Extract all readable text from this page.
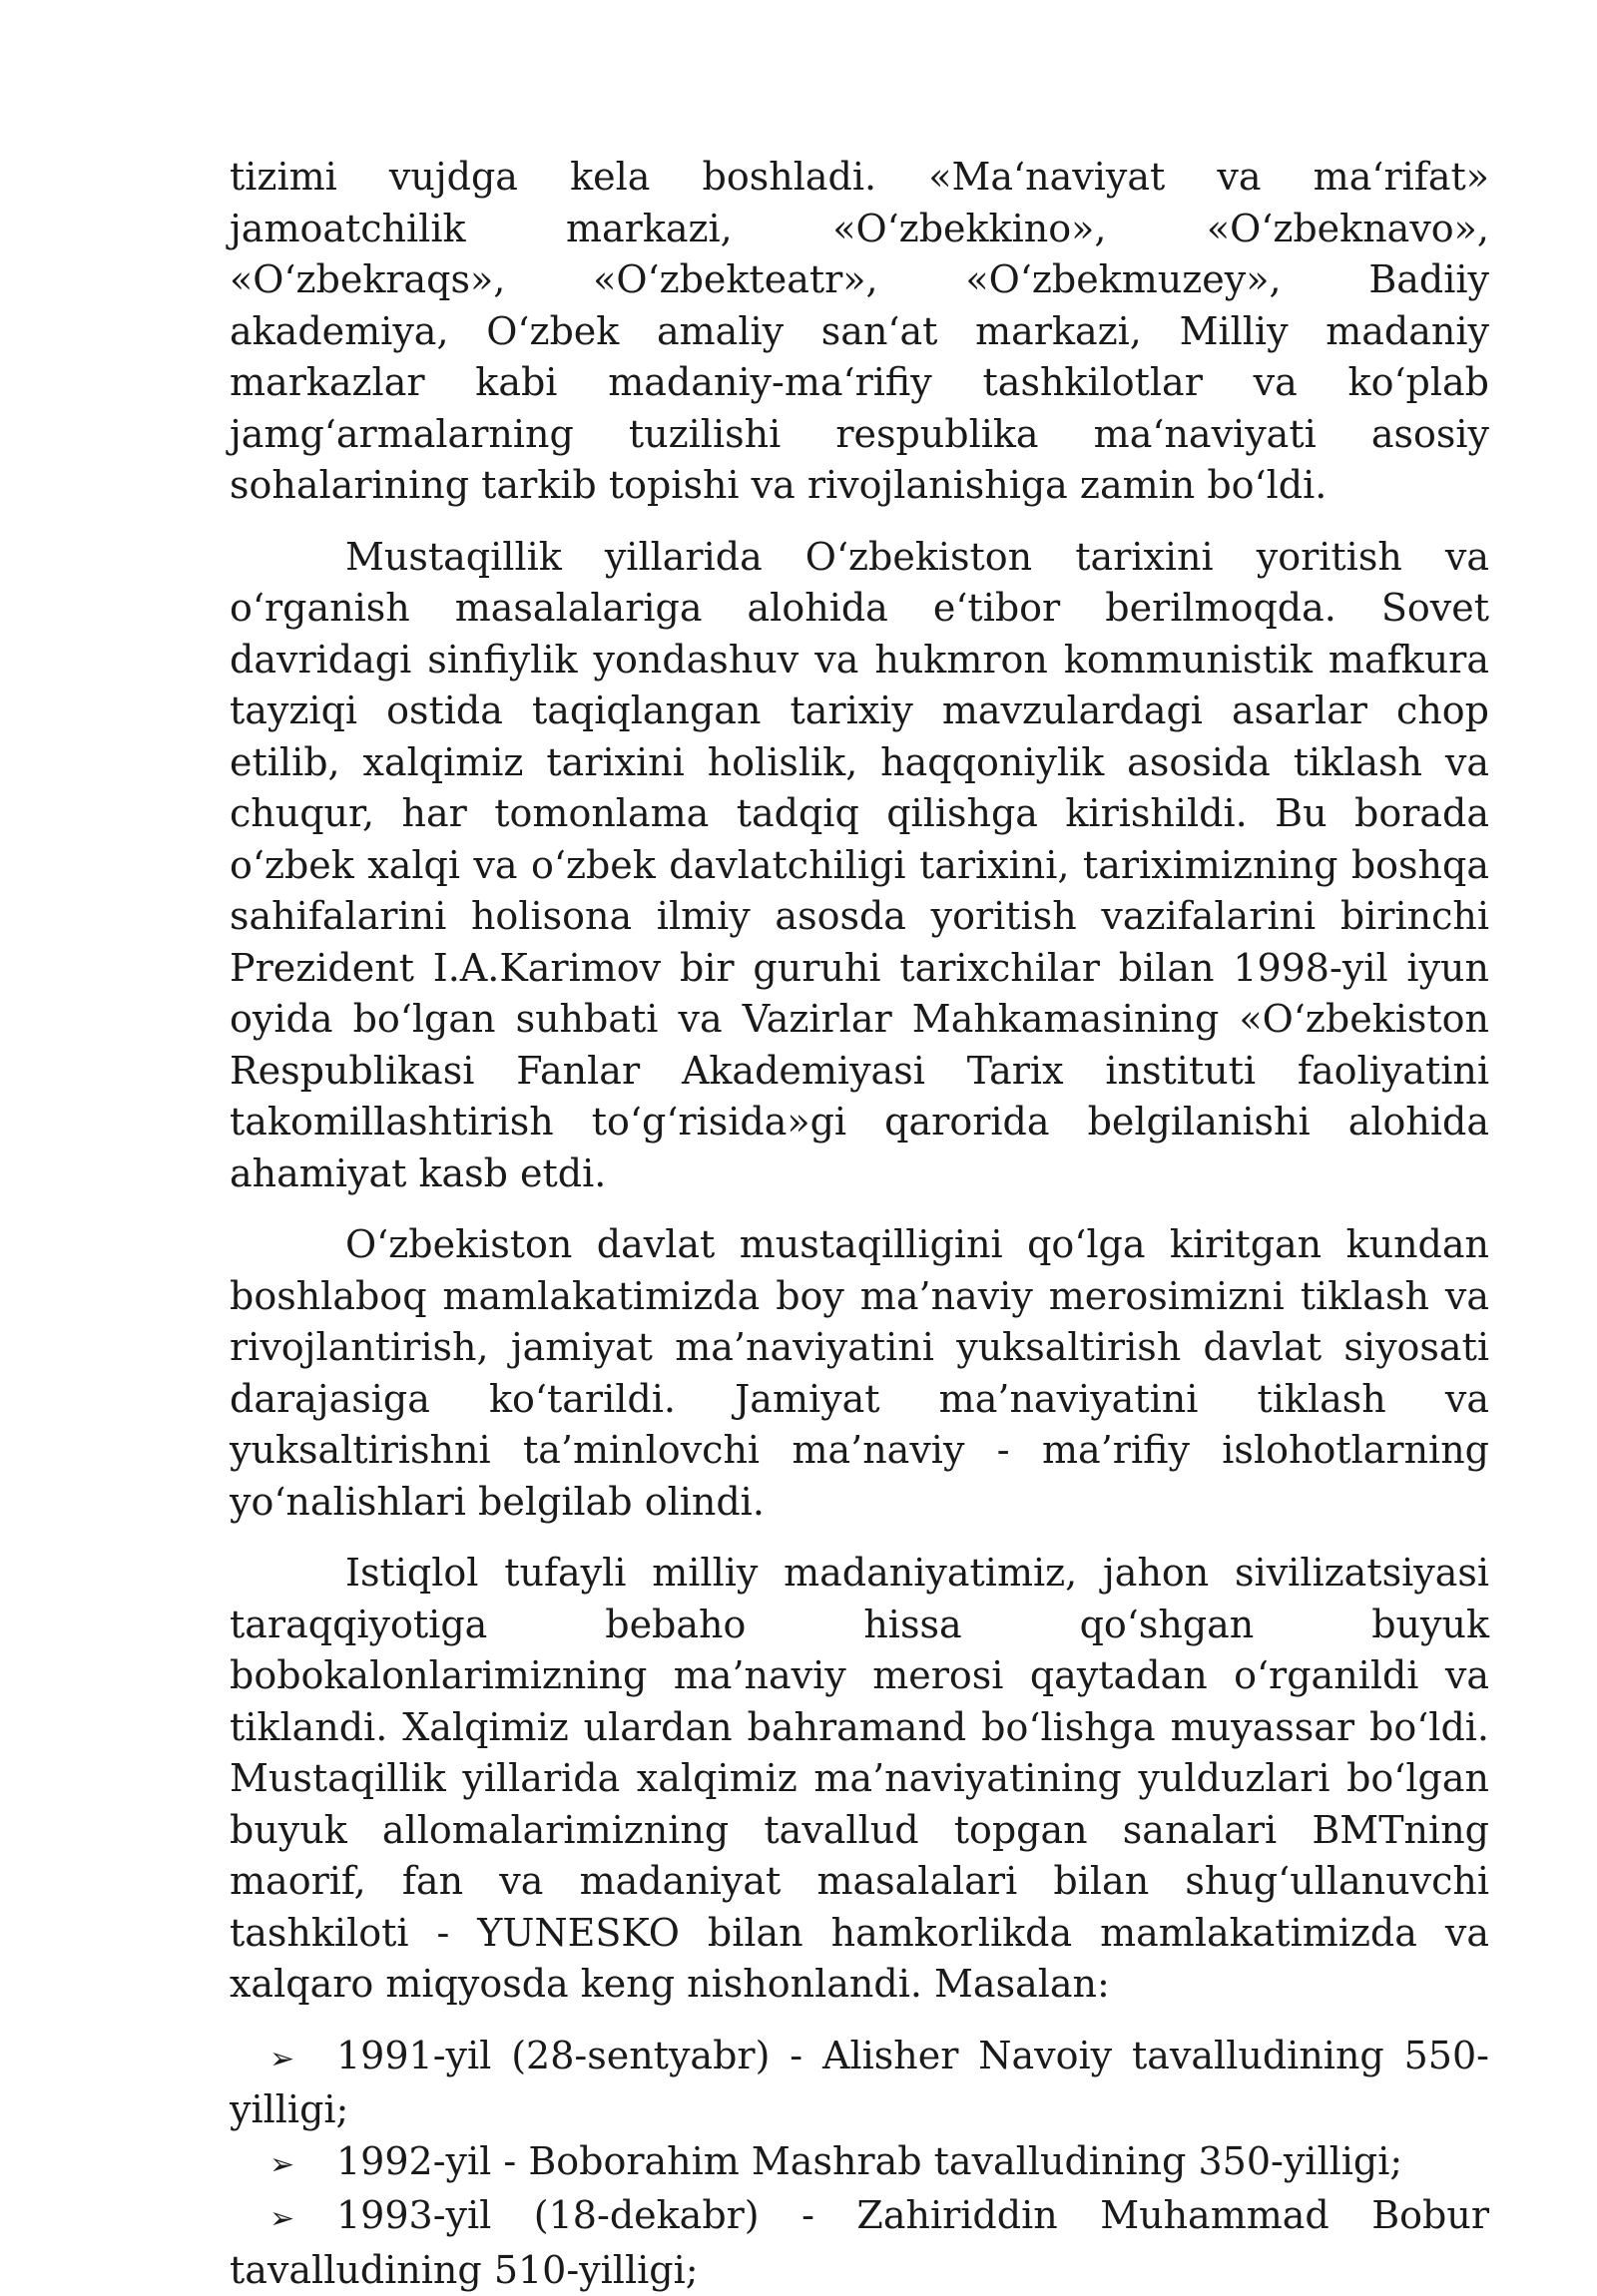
tizimi vujdga kela boshladi. «Ma‘naviyat va ma‘rifat» jamoatchilik markazi, «O‘zbekkino», «O‘zbeknavo», «O‘zbekraqs», «O‘zbekteatr», «O‘zbekmuzey», Badiiy akademiya, O‘zbek amaliy san‘at markazi, Milliy madaniy markazlar kabi madaniy-ma‘rifiy tashkilotlar va ko‘plab jamg‘armalarning tuzilishi respublika ma‘naviyati asosiy sohalarining tarkib topishi va rivojlanishiga zamin bo‘ldi.

Mustaqillik yillarida O‘zbekiston tarixini yoritish va o‘rganish masalalariga alohida e‘tibor berilmoqda. Sovet davridagi sinfiylik yondashuv va hukmron kommunistik mafkura tayziqi ostida taqiqlangan tarixiy mavzulardagi asarlar chop etilib, xalqimiz tarixini holislik, haqqoniylik asosida tiklash va chuqur, har tomonlama tadqiq qilishga kirishildi. Bu borada o‘zbek xalqi va o‘zbek davlatchiligi tarixini, tariximizning boshqa sahifalarini holisona ilmiy asosda yoritish vazifalarini birinchi Prezident I.A.Karimov bir guruhi tarixchilar bilan 1998-yil iyun oyida bo‘lgan suhbati va Vazirlar Mahkamasining «O‘zbekiston Respublikasi Fanlar Akademiyasi Tarix instituti faoliyatini takomillashtirish to‘g‘risida»gi qarorida belgilanishi alohida ahamiyat kasb etdi.

O‘zbekiston davlat mustaqilligini qo‘lga kiritgan kundan boshlaboq mamlakatimizda boy ma’naviy merosimizni tiklash va rivojlantirish, jamiyat ma’naviyatini yuksaltirish davlat siyosati darajasiga ko‘tarildi. Jamiyat ma’naviyatini tiklash va yuksaltirishni ta’minlovchi ma’naviy - ma’rifiy islohotlarning yo‘nalishlari belgilab olindi.

Istiqlol tufayli milliy madaniyatimiz, jahon sivilizatsiyasi taraqqiyotiga bebaho hissa qo‘shgan buyuk bobokalonlarimizning ma’naviy merosi qaytadan o‘rganildi va tiklandi. Xalqimiz ulardan bahramand bo‘lishga muyassar bo‘ldi. Mustaqillik yillarida xalqimiz ma’naviyatining yulduzlari bo‘lgan buyuk allomalarimizning tavallud topgan sanalari BMTning maorif, fan va madaniyat masalalari bilan shug‘ullanuvchi tashkiloti - YUNESKO bilan hamkorlikda mamlakatimizda va xalqaro miqyosda keng nishonlandi. Masalan:

➢ 1991-yil (28-sentyabr) - Alisher Navoiy tavalludining 550-yilligi;
➢ 1992-yil - Boborahim Mashrab tavalludining 350-yilligi;
➢ 1993-yil (18-dekabr) - Zahiriddin Muhammad Bobur tavalludining 510-yilligi;
